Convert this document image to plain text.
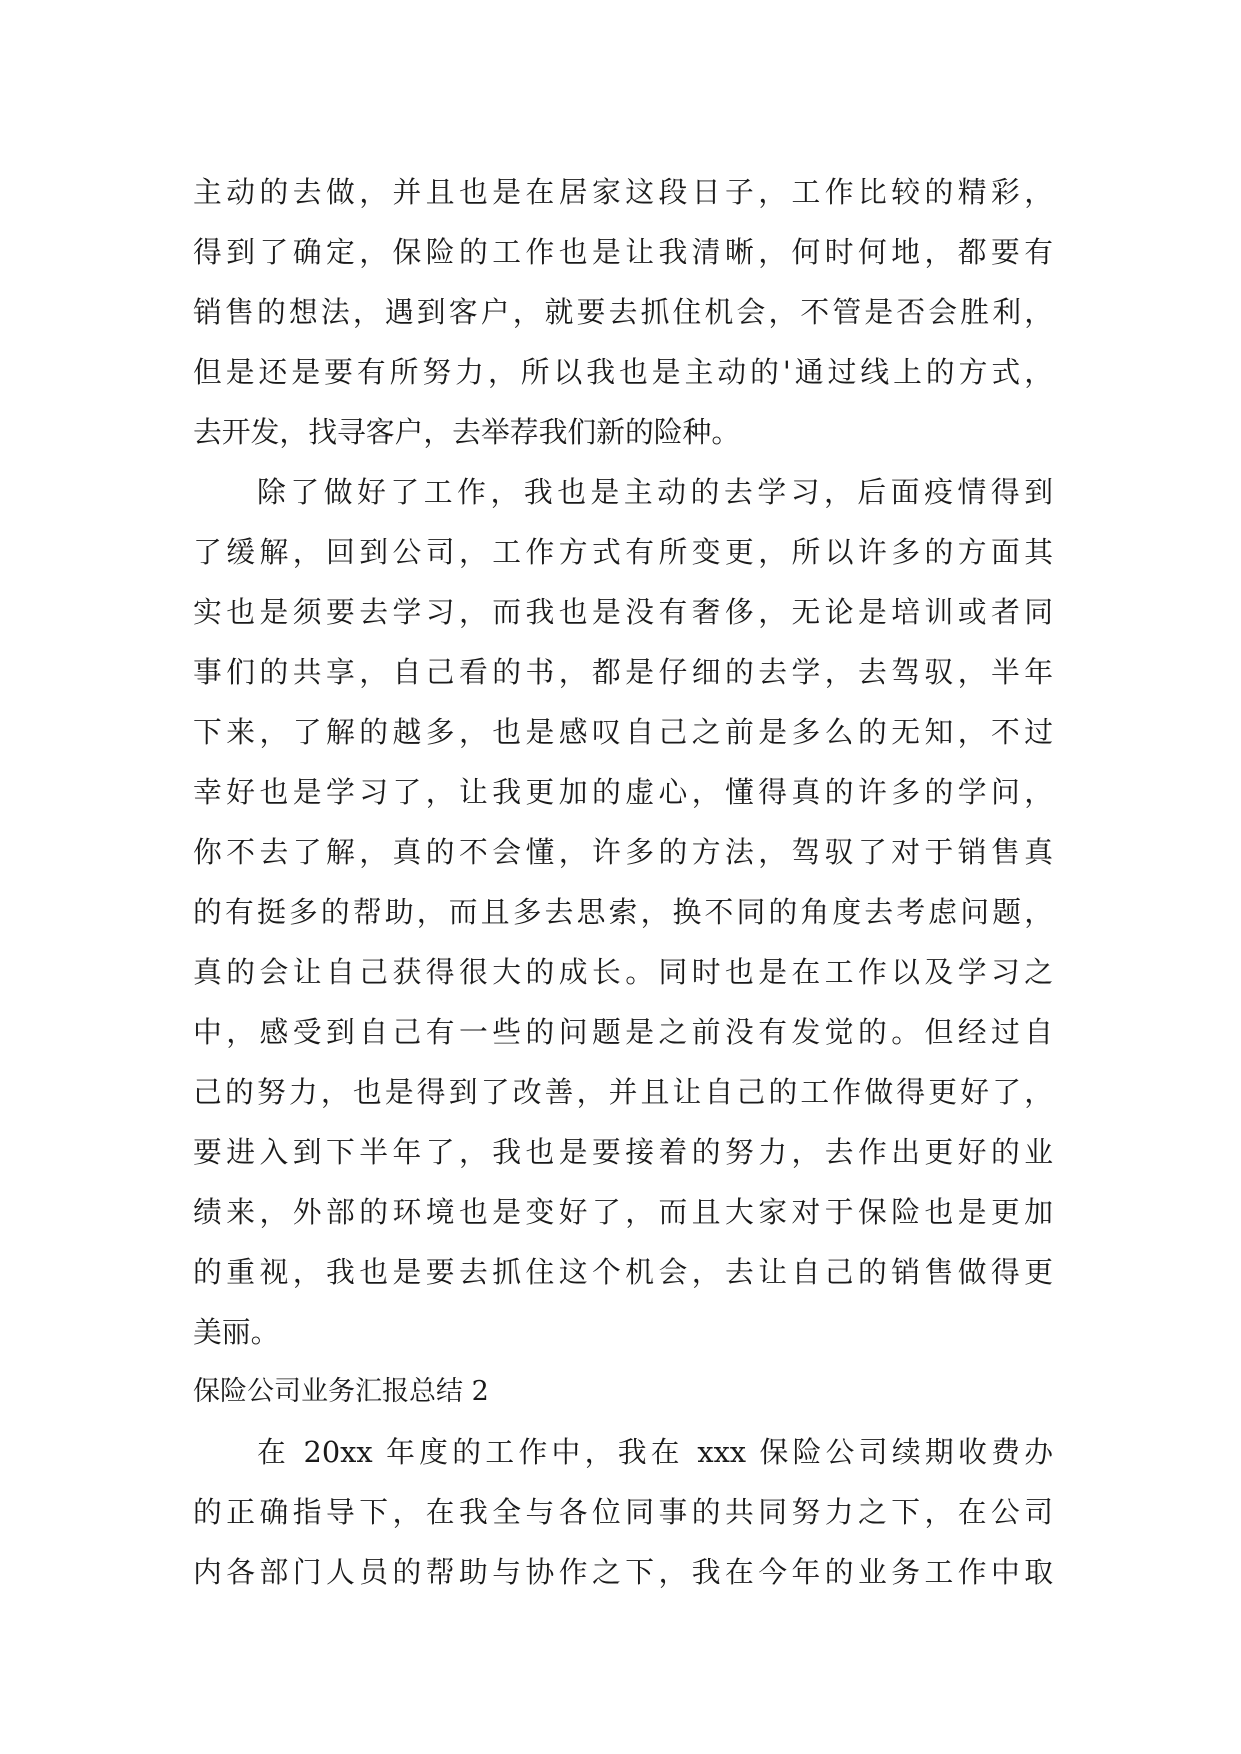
主动的去做，并且也是在居家这段日子，工作比较的精彩，
得到了确定，保险的工作也是让我清晰，何时何地，都要有
销售的想法，遇到客户，就要去抓住机会，不管是否会胜利，
但是还是要有所努力，所以我也是主动的'通过线上的方式，
去开发，找寻客户，去举荐我们新的险种。
除了做好了工作，我也是主动的去学习，后面疫情得到
了缓解，回到公司，工作方式有所变更，所以许多的方面其
实也是须要去学习，而我也是没有奢侈，无论是培训或者同
事们的共享，自己看的书，都是仔细的去学，去驾驭，半年
下来，了解的越多，也是感叹自己之前是多么的无知，不过
幸好也是学习了，让我更加的虚心，懂得真的许多的学问，
你不去了解，真的不会懂，许多的方法，驾驭了对于销售真
的有挺多的帮助，而且多去思索，换不同的角度去考虑问题，
真的会让自己获得很大的成长。同时也是在工作以及学习之
中，感受到自己有一些的问题是之前没有发觉的。但经过自
己的努力，也是得到了改善，并且让自己的工作做得更好了，
要进入到下半年了，我也是要接着的努力，去作出更好的业
绩来，外部的环境也是变好了，而且大家对于保险也是更加
的重视，我也是要去抓住这个机会，去让自己的销售做得更
美丽。
保险公司业务汇报总结 2
在 20xx 年度的工作中，我在 xxx 保险公司续期收费办
的正确指导下，在我全与各位同事的共同努力之下，在公司
内各部门人员的帮助与协作之下，我在今年的业务工作中取
